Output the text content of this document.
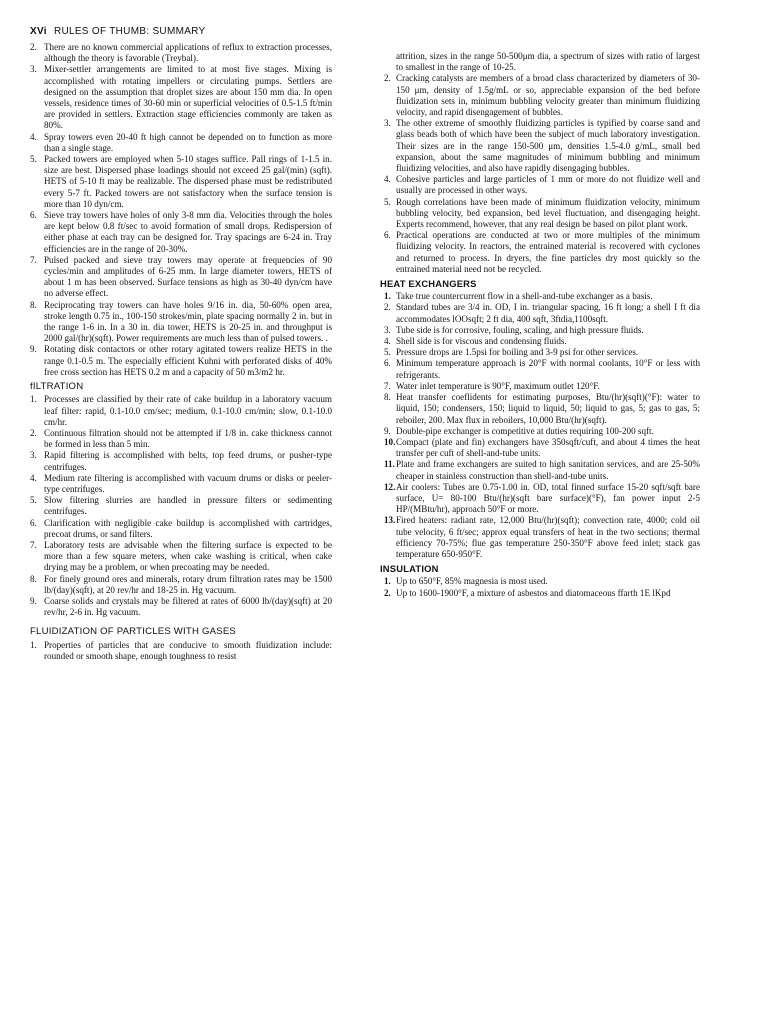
XVi RULES OF THUMB: SUMMARY
2. There are no known commercial applications of reflux to extraction processes, although the theory is favorable (Treybal).
3. Mixer-settler arrangements are limited to at most five stages. Mixing is accomplished with rotating impellers or circulating pumps. Settlers are designed on the assumption that droplet sizes are about 150 mm dia. In open vessels, residence times of 30-60 min or superficial velocities of 0.5-1.5 ft/min are provided in settlers. Extraction stage efficiencies commonly are taken as 80%.
4. Spray towers even 20-40 ft high cannot be depended on to function as more than a single stage.
5. Packed towers are employed when 5-10 stages suffice. Pall rings of 1-1.5 in. size are best. Dispersed phase loadings should not exceed 25 gal/(min) (sqft). HETS of 5-10 ft may be realizable. The dispersed phase must be redistributed every 5-7 ft. Packed towers are not satisfactory when the surface tension is more than 10 dyn/cm.
6. Sieve tray towers have holes of only 3-8 mm dia. Velocities through the holes are kept below 0.8 ft/sec to avoid formation of small drops. Redispersion of either phase at each tray can be designed for. Tray spacings are 6-24 in. Tray efficiencies are in the range of 20-30%.
7. Pulsed packed and sieve tray towers may operate at frequencies of 90 cycles/min and amplitudes of 6-25 mm. In large diameter towers, HETS of about 1 m has been observed. Surface tensions as high as 30-40 dyn/cm have no adverse effect.
8. Reciprocating tray towers can have holes 9/16 in. dia, 50-60% open area, stroke length 0.75 in., 100-150 strokes/min, plate spacing normally 2 in. but in the range 1-6 in. In a 30 in. dia tower, HETS is 20-25 in. and throughput is 2000 gal/(hr)(sqft). Power requirements are much less than of pulsed towers. .
9. Rotating disk contactors or other rotary agitated towers realize HETS in the range 0.1-0.5 m. The especially efficient Kuhni with perforated disks of 40% free cross section has HETS 0.2 m and a capacity of 50 m3/m2 hr.
fILTRATION
1. Processes are classified by their rate of cake buildup in a laboratory vacuum leaf filter: rapid, 0.1-10.0 cm/sec; medium, 0.1-10.0 cm/min; slow, 0.1-10.0 cm/hr.
2. Continuous filtration should not be attempted if 1/8 in. cake thickness cannot be formed in less than 5 min.
3. Rapid filtering is accomplished with belts, top feed drums, or pusher-type centrifuges.
4. Medium rate filtering is accomplished with vacuum drums or disks or peeler-type centrifuges.
5. Slow filtering slurries are handled in pressure filters or sedimenting centrifuges.
6. Clarification with negligible cake buildup is accomplished with cartridges, precoat drums, or sand filters.
7. Laboratory tests are advisable when the filtering surface is expected to be more than a few square meters, when cake washing is critical, when cake drying may be a problem, or when precoating may be needed.
8. For finely ground ores and minerals, rotary drum filtration rates may be 1500 lb/(day)(sqft), at 20 rev/hr and 18-25 in. Hg vacuum.
9. Coarse solids and crystals may be filtered at rates of 6000 lb/(day)(sqft) at 20 rev/hr, 2-6 in. Hg vacuum.
FLUIDIZATION OF PARTICLES WITH GASES
1. Properties of particles that are conducive to smooth fluidization include: rounded or smooth shape, enough toughness to resist
attrition, sizes in the range 50-500μm dia, a spectrum of sizes with ratio of largest to smallest in the range of 10-25.
2. Cracking catalysts are members of a broad class characterized by diameters of 30-150 μm, density of 1.5g/mL or so, appreciable expansion of the bed before fluidization sets in, minimum bubbling velocity greater than minimum fluidizing velocity, and rapid disengagement of bubbles.
3. The other extreme of smoothly fluidizing particles is typified by coarse sand and glass beads both of which have been the subject of much laboratory investigation. Their sizes are in the range 150-500 μm, densities 1.5-4.0 g/mL, small bed expansion, about the same magnitudes of minimum bubbling and minimum fluidizing velocities, and also have rapidly disengaging bubbles.
4. Cohesive particles and large particles of 1 mm or more do not fluidize well and usually are processed in other ways.
5. Rough correlations have been made of minimum fluidization velocity, minimum bubbling velocity, bed expansion, bed level fluctuation, and disengaging height. Experts recommend, however, that any real design be based on pilot plant work.
6. Practical operations are conducted at two or more multiples of the minimum fluidizing velocity. In reactors, the entrained material is recovered with cyclones and returned to process. In dryers, the fine particles dry most quickly so the entrained material need not be recycled.
HEAT EXCHANGERS
1. Take true countercurrent flow in a shell-and-tube exchanger as a basis.
2. Standard tubes are 3/4 in. OD, I in. triangular spacing, 16 ft long; a shell I ft dia accommodates lOOsqft; 2 ft dia, 400 sqft, 3ftdia,1100sqft.
3. Tube side is for corrosive, fouling, scaling, and high pressure fluids.
4. Shell side is for viscous and condensing fluids.
5. Pressure drops are 1.5psi for boiling and 3-9 psi for other services.
6. Minimum temperature approach is 20°F with normal coolants, 10°F or less with refrigerants.
7. Water inlet temperature is 90°F, maximum outlet 120°F.
8. Heat transfer coeflidents for estimating purposes, Btu/(hr)(sqft)(°F): water to liquid, 150; condensers, 150; liquid to liquid, 50; liquid to gas, 5; gas to gas, 5; reboiler, 200. Max flux in reboilers, 10,000 Btu/(hr)(sqft).
9. Double-pipe exchanger is competitive at duties requiring 100-200 sqft.
10. Compact (plate and fin) exchangers have 350sqft/cuft, and about 4 times the heat transfer per cuft of shell-and-tube units.
11. Plate and frame exchangers are suited to high sanitation services, and are 25-50% cheaper in stainless construction than shell-and-tube units.
12. Air coolers: Tubes are 0.75-1.00 in. OD, total finned surface 15-20 sqft/sqft bare surface, U= 80-100 Btu/(hr)(sqft bare surface)(°F), fan power input 2-5 HP/(MBtu/hr), approach 50°F or more.
13. Fired heaters: radiant rate, 12,000 Btu/(hr)(sqft); convection rate, 4000; cold oil tube velocity, 6 ft/sec; approx equal transfers of heat in the two sections; thermal efficiency 70-75%; flue gas temperature 250-350°F above feed inlet; stack gas temperature 650-950°F.
INSULATION
1. Up to 650°F, 85% magnesia is most used.
2. Up to 1600-1900°F, a mixture of asbestos and diatomaceous ffarth 1E lKpd
